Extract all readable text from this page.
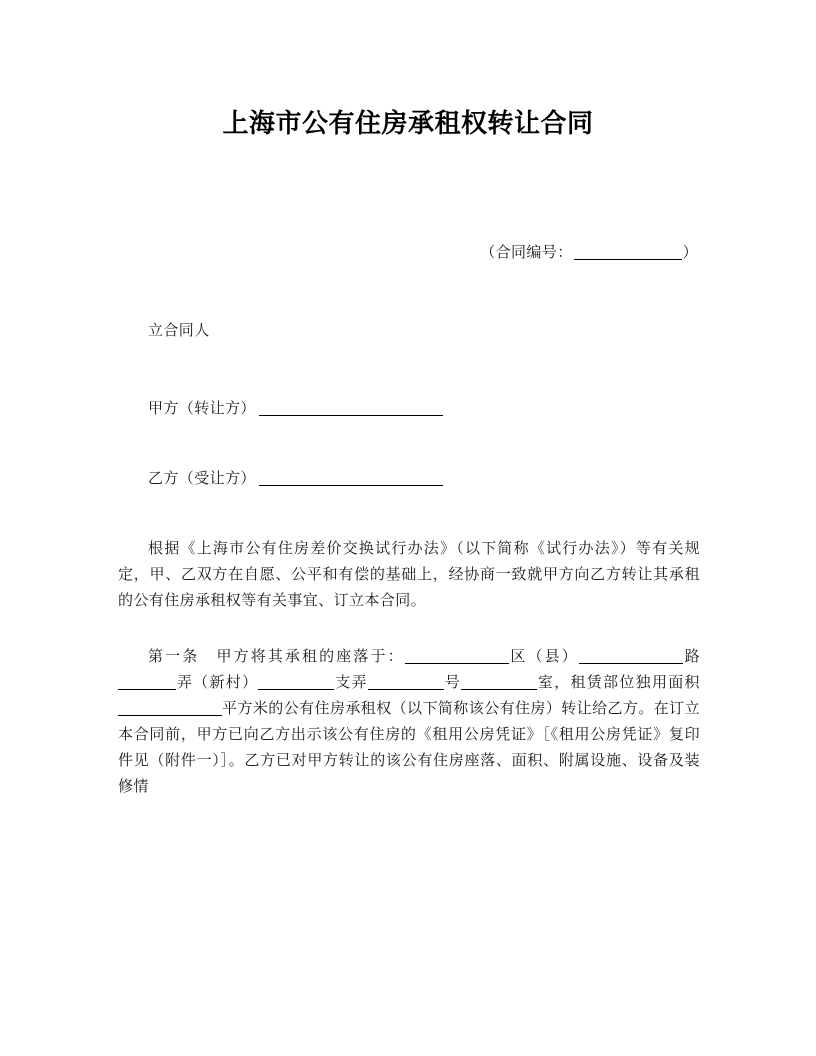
上海市公有住房承租权转让合同
（合同编号：	）

立合同人

甲方（转让方）

乙方（受让方）

根据《上海市公有住房差价交换试行办法》（以下简称《试行办法》）等有关规定，甲、乙双方在自愿、公平和有偿的基础上，经协商一致就甲方向乙方转让其承租的公有住房承租权等有关事宜、订立本合同。

第一条　 甲方将其承租的座落于：	区（县）	路弄（新村）	支弄	号	室，租赁部位独用面积平方米的公有住房承租权（以下简称该公有住房）转让给乙方。在订立本合同前，甲方已向乙方出示该公有住房的《租用公房凭证》［《租用公房凭证》复印件见（附件一）］。乙方已对甲方转让的该公有住房座落、面积、附属设施、设备及装修情
